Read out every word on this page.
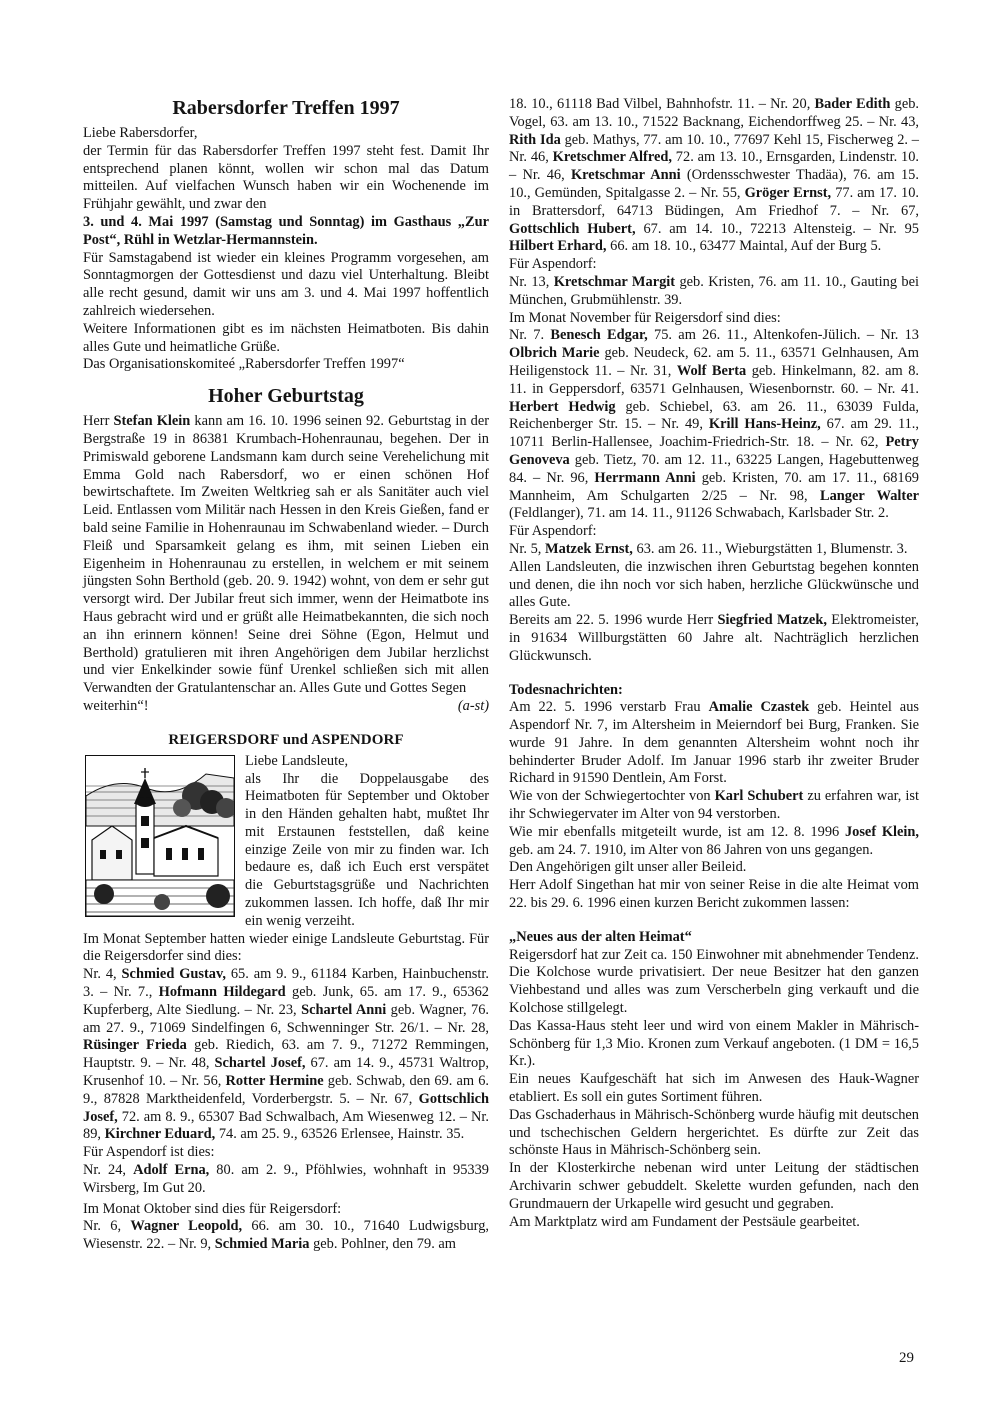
Rabersdorfer Treffen 1997

Liebe Rabersdorfer,

der Termin für das Rabersdorfer Treffen 1997 steht fest. Damit Ihr entsprechend planen könnt, wollen wir schon mal das Datum mitteilen. Auf vielfachen Wunsch haben wir ein Wochenende im Frühjahr gewählt, und zwar den

3. und 4. Mai 1997 (Samstag und Sonntag) im Gasthaus „Zur Post“, Rühl in Wetzlar-Hermannstein.

Für Samstagabend ist wieder ein kleines Programm vorgesehen, am Sonntagmorgen der Gottesdienst und dazu viel Unterhaltung. Bleibt alle recht gesund, damit wir uns am 3. und 4. Mai 1997 hoffentlich zahlreich wiedersehen.

Weitere Informationen gibt es im nächsten Heimatboten. Bis dahin alles Gute und heimatliche Grüße.

Das Organisationskomiteé „Rabersdorfer Treffen 1997“

Hoher Geburtstag

Herr Stefan Klein kann am 16. 10. 1996 seinen 92. Geburtstag in der Bergstraße 19 in 86381 Krumbach-Hohenraunau, begehen. Der in Primiswald geborene Landsmann kam durch seine Verehelichung mit Emma Gold nach Rabersdorf, wo er einen schönen Hof bewirtschaftete. Im Zweiten Weltkrieg sah er als Sanitäter auch viel Leid. Entlassen vom Militär nach Hessen in den Kreis Gießen, fand er bald seine Familie in Hohenraunau im Schwabenland wieder. – Durch Fleiß und Sparsamkeit gelang es ihm, mit seinen Lieben ein Eigenheim in Hohenraunau zu erstellen, in welchem er mit seinem jüngsten Sohn Berthold (geb. 20. 9. 1942) wohnt, von dem er sehr gut versorgt wird. Der Jubilar freut sich immer, wenn der Heimatbote ins Haus gebracht wird und er grüßt alle Heimatbekannten, die sich noch an ihn erinnern können! Seine drei Söhne (Egon, Helmut und Berthold) gratulieren mit ihren Angehörigen dem Jubilar herzlichst und vier Enkelkinder sowie fünf Urenkel schließen sich mit allen Verwandten der Gratulantenschar an. Alles Gute und Gottes Segen

weiterhin“!	(a-st)

REIGERSDORF und ASPENDORF

Liebe Landsleute,

als Ihr die Doppelausgabe des Heimatboten für September und Oktober in den Händen gehalten habt, mußtet Ihr mit Erstaunen feststellen, daß keine einzige Zeile von mir zu finden war. Ich bedaure es, daß ich Euch erst verspätet die Geburtstagsgrüße und Nachrichten zukommen lassen. Ich hoffe, daß Ihr mir ein wenig verzeiht.

Im Monat September hatten wieder einige Landsleute Geburtstag. Für die Reigersdorfer sind dies:

Nr. 4, Schmied Gustav, 65. am 9. 9., 61184 Karben, Hainbuchenstr. 3. – Nr. 7., Hofmann Hildegard geb. Junk, 65. am 17. 9., 65362 Kupferberg, Alte Siedlung. – Nr. 23, Schartel Anni geb. Wagner, 76. am 27. 9., 71069 Sindelfingen 6, Schwenninger Str. 26/1. – Nr. 28, Rüsinger Frieda geb. Riedich, 63. am 7. 9., 71272 Remmingen, Hauptstr. 9. – Nr. 48, Schartel Josef, 67. am 14. 9., 45731 Waltrop, Krusenhof 10. – Nr. 56, Rotter Hermine geb. Schwab, den 69. am 6. 9., 87828 Marktheidenfeld, Vorderbergstr. 5. – Nr. 67, Gottschlich Josef, 72. am 8. 9., 65307 Bad Schwalbach, Am Wiesenweg 12. – Nr. 89, Kirchner Eduard, 74. am 25. 9., 63526 Erlensee, Hainstr. 35.

Für Aspendorf ist dies:

Nr. 24, Adolf Erna, 80. am 2. 9., Pföhlwies, wohnhaft in 95339 Wirsberg, Im Gut 20.

Im Monat Oktober sind dies für Reigersdorf:

Nr. 6, Wagner Leopold, 66. am 30. 10., 71640 Ludwigsburg, Wiesenstr. 22. – Nr. 9, Schmied Maria geb. Pohlner, den 79. am

18. 10., 61118 Bad Vilbel, Bahnhofstr. 11. – Nr. 20, Bader Edith geb. Vogel, 63. am 13. 10., 71522 Backnang, Eichendorffweg 25. – Nr. 43, Rith Ida geb. Mathys, 77. am 10. 10., 77697 Kehl 15, Fischerweg 2. – Nr. 46, Kretschmer Alfred, 72. am 13. 10., Ernsgarden, Lindenstr. 10. – Nr. 46, Kretschmar Anni (Ordensschwester Thadäa), 76. am 15. 10., Gemünden, Spitalgasse 2. – Nr. 55, Gröger Ernst, 77. am 17. 10. in Brattersdorf, 64713 Büdingen, Am Friedhof 7. – Nr. 67, Gottschlich Hubert, 67. am 14. 10., 72213 Altensteig. – Nr. 95 Hilbert Erhard, 66. am 18. 10., 63477 Maintal, Auf der Burg 5.

Für Aspendorf:

Nr. 13, Kretschmar Margit geb. Kristen, 76. am 11. 10., Gauting bei München, Grubmühlenstr. 39.

Im Monat November für Reigersdorf sind dies:

Nr. 7. Benesch Edgar, 75. am 26. 11., Altenkofen-Jülich. – Nr. 13 Olbrich Marie geb. Neudeck, 62. am 5. 11., 63571 Gelnhausen, Am Heiligenstock 11. – Nr. 31, Wolf Berta geb. Hinkelmann, 82. am 8. 11. in Geppersdorf, 63571 Gelnhausen, Wiesenbornstr. 60. – Nr. 41. Herbert Hedwig geb. Schiebel, 63. am 26. 11., 63039 Fulda, Reichenberger Str. 15. – Nr. 49, Krill Hans-Heinz, 67. am 29. 11., 10711 Berlin-Hallensee, Joachim-Friedrich-Str. 18. – Nr. 62, Petry Genoveva geb. Tietz, 70. am 12. 11., 63225 Langen, Hagebuttenweg 84. – Nr. 96, Herrmann Anni geb. Kristen, 70. am 17. 11., 68169 Mannheim, Am Schulgarten 2/25 – Nr. 98, Langer Walter (Feldlanger), 71. am 14. 11., 91126 Schwabach, Karlsbader Str. 2.

Für Aspendorf:

Nr. 5, Matzek Ernst, 63. am 26. 11., Wieburgstätten 1, Blumenstr. 3.

Allen Landsleuten, die inzwischen ihren Geburtstag begehen konnten und denen, die ihn noch vor sich haben, herzliche Glückwünsche und alles Gute.

Bereits am 22. 5. 1996 wurde Herr Siegfried Matzek, Elektromeister, in 91634 Willburgstätten 60 Jahre alt. Nachträglich herzlichen Glückwunsch.

Todesnachrichten:

Am 22. 5. 1996 verstarb Frau Amalie Czastek geb. Heintel aus Aspendorf Nr. 7, im Altersheim in Meierndorf bei Burg, Franken. Sie wurde 91 Jahre. In dem genannten Altersheim wohnt noch ihr behinderter Bruder Adolf. Im Januar 1996 starb ihr zweiter Bruder Richard in 91590 Dentlein, Am Forst.

Wie von der Schwiegertochter von Karl Schubert zu erfahren war, ist ihr Schwiegervater im Alter von 94 verstorben.

Wie mir ebenfalls mitgeteilt wurde, ist am 12. 8. 1996 Josef Klein, geb. am 24. 7. 1910, im Alter von 86 Jahren von uns gegangen.

Den Angehörigen gilt unser aller Beileid.

Herr Adolf Singethan hat mir von seiner Reise in die alte Heimat vom 22. bis 29. 6. 1996 einen kurzen Bericht zukommen lassen:

„Neues aus der alten Heimat“

Reigersdorf hat zur Zeit ca. 150 Einwohner mit abnehmender Tendenz. Die Kolchose wurde privatisiert. Der neue Besitzer hat den ganzen Viehbestand und alles was zum Verscherbeln ging verkauft und die Kolchose stillgelegt.

Das Kassa-Haus steht leer und wird von einem Makler in Mährisch-Schönberg für 1,3 Mio. Kronen zum Verkauf angeboten. (1 DM = 16,5 Kr.).

Ein neues Kaufgeschäft hat sich im Anwesen des Hauk-Wagner etabliert. Es soll ein gutes Sortiment führen.

Das Gschaderhaus in Mährisch-Schönberg wurde häufig mit deutschen und tschechischen Geldern hergerichtet. Es dürfte zur Zeit das schönste Haus in Mährisch-Schönberg sein.

In der Klosterkirche nebenan wird unter Leitung der städtischen Archivarin schwer gebuddelt. Skelette wurden gefunden, nach den Grundmauern der Urkapelle wird gesucht und gegraben.

Am Marktplatz wird am Fundament der Pestsäule gearbeitet.

29
